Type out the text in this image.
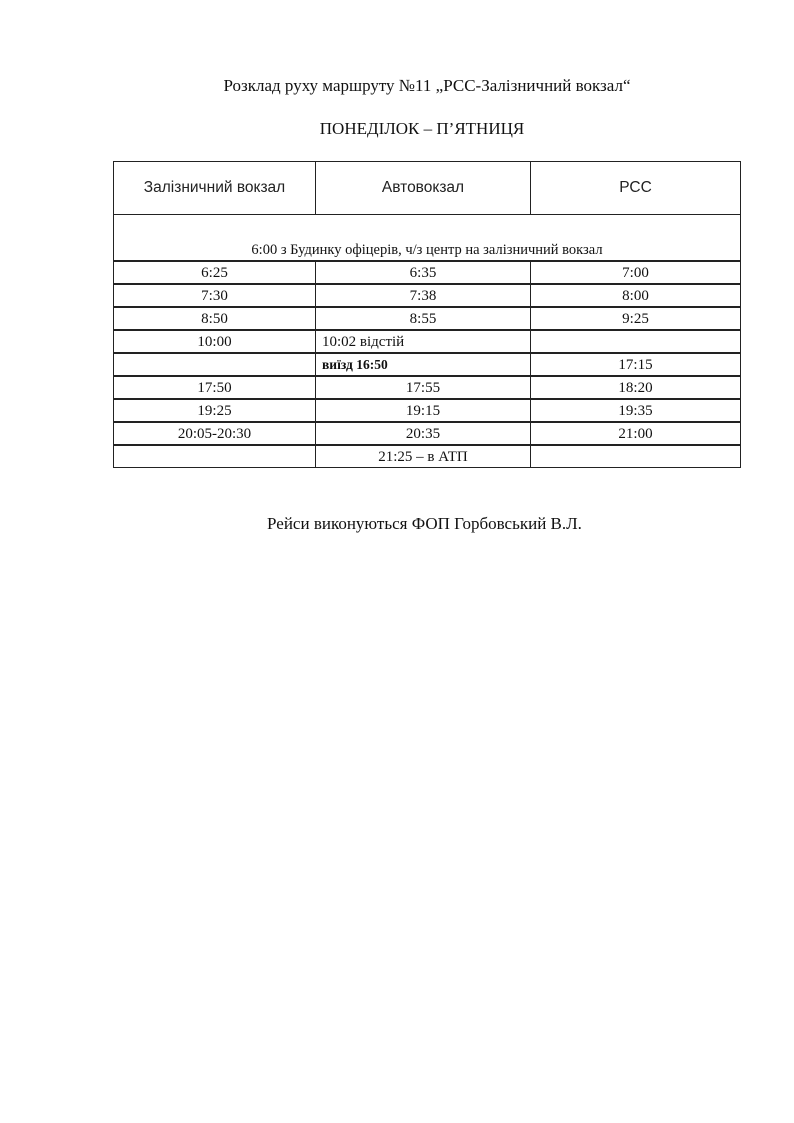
Розклад руху маршруту №11 „РСС-Залізничний вокзал“
ПОНЕДІЛОК – П’ЯТНИЦЯ
Залізничний вокзал	Автовокзал	РСС
6:00 з Будинку офіцерів, ч/з центр на залізничний вокзал		
6:25	6:35	7:00
7:30	7:38	8:00
8:50	8:55	9:25
10:00	10:02 відстій	
	виїзд 16:50	17:15
17:50	17:55	18:20
19:25	19:15	19:35
20:05-20:30	20:35	21:00
	21:25 – в АТП	
Рейси виконуються ФОП Горбовський В.Л.
